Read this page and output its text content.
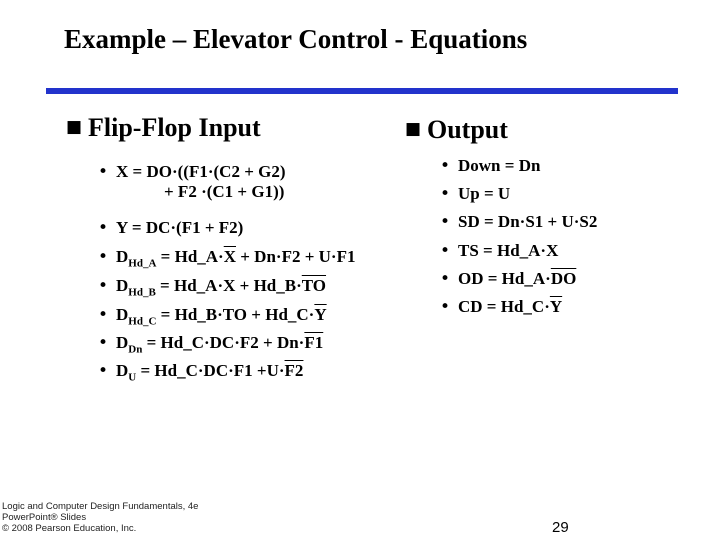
Example – Elevator Control - Equations
■ Flip-Flop Input
• X = DO·((F1·(C2 + G2)
+ F2 ·(C1 + G1))
• Y = DC·(F1 + F2)
• $D_{Hd\_A}$ = $Hd\_A\cdot\overline{X} + Dn\cdot F2 + U\cdot F1$
• $D_{Hd\_B}$ = Hd_A·X + $Hd\_B\cdot\overline{TO}$
• $D_{Hd\_C}$ = Hd_B·TO + $Hd\_C\cdot\overline{Y}$
• $D_{Dn}$ = Hd_C·DC·F2 + Dn·F1
• $D_U$ = Hd_C·DC·F1 +U·F2
■ Output
• Down = Dn
• Up = U
• SD = Dn·S1 + U·S2
• TS = Hd_A·X
• OD = $Hd\_A\cdot\overline{DO}$
• CD = $Hd\_C\cdot\overline{Y}$
Logic and Computer Design Fundamentals, 4e
PowerPoint® Slides
© 2008 Pearson Education, Inc.	29
